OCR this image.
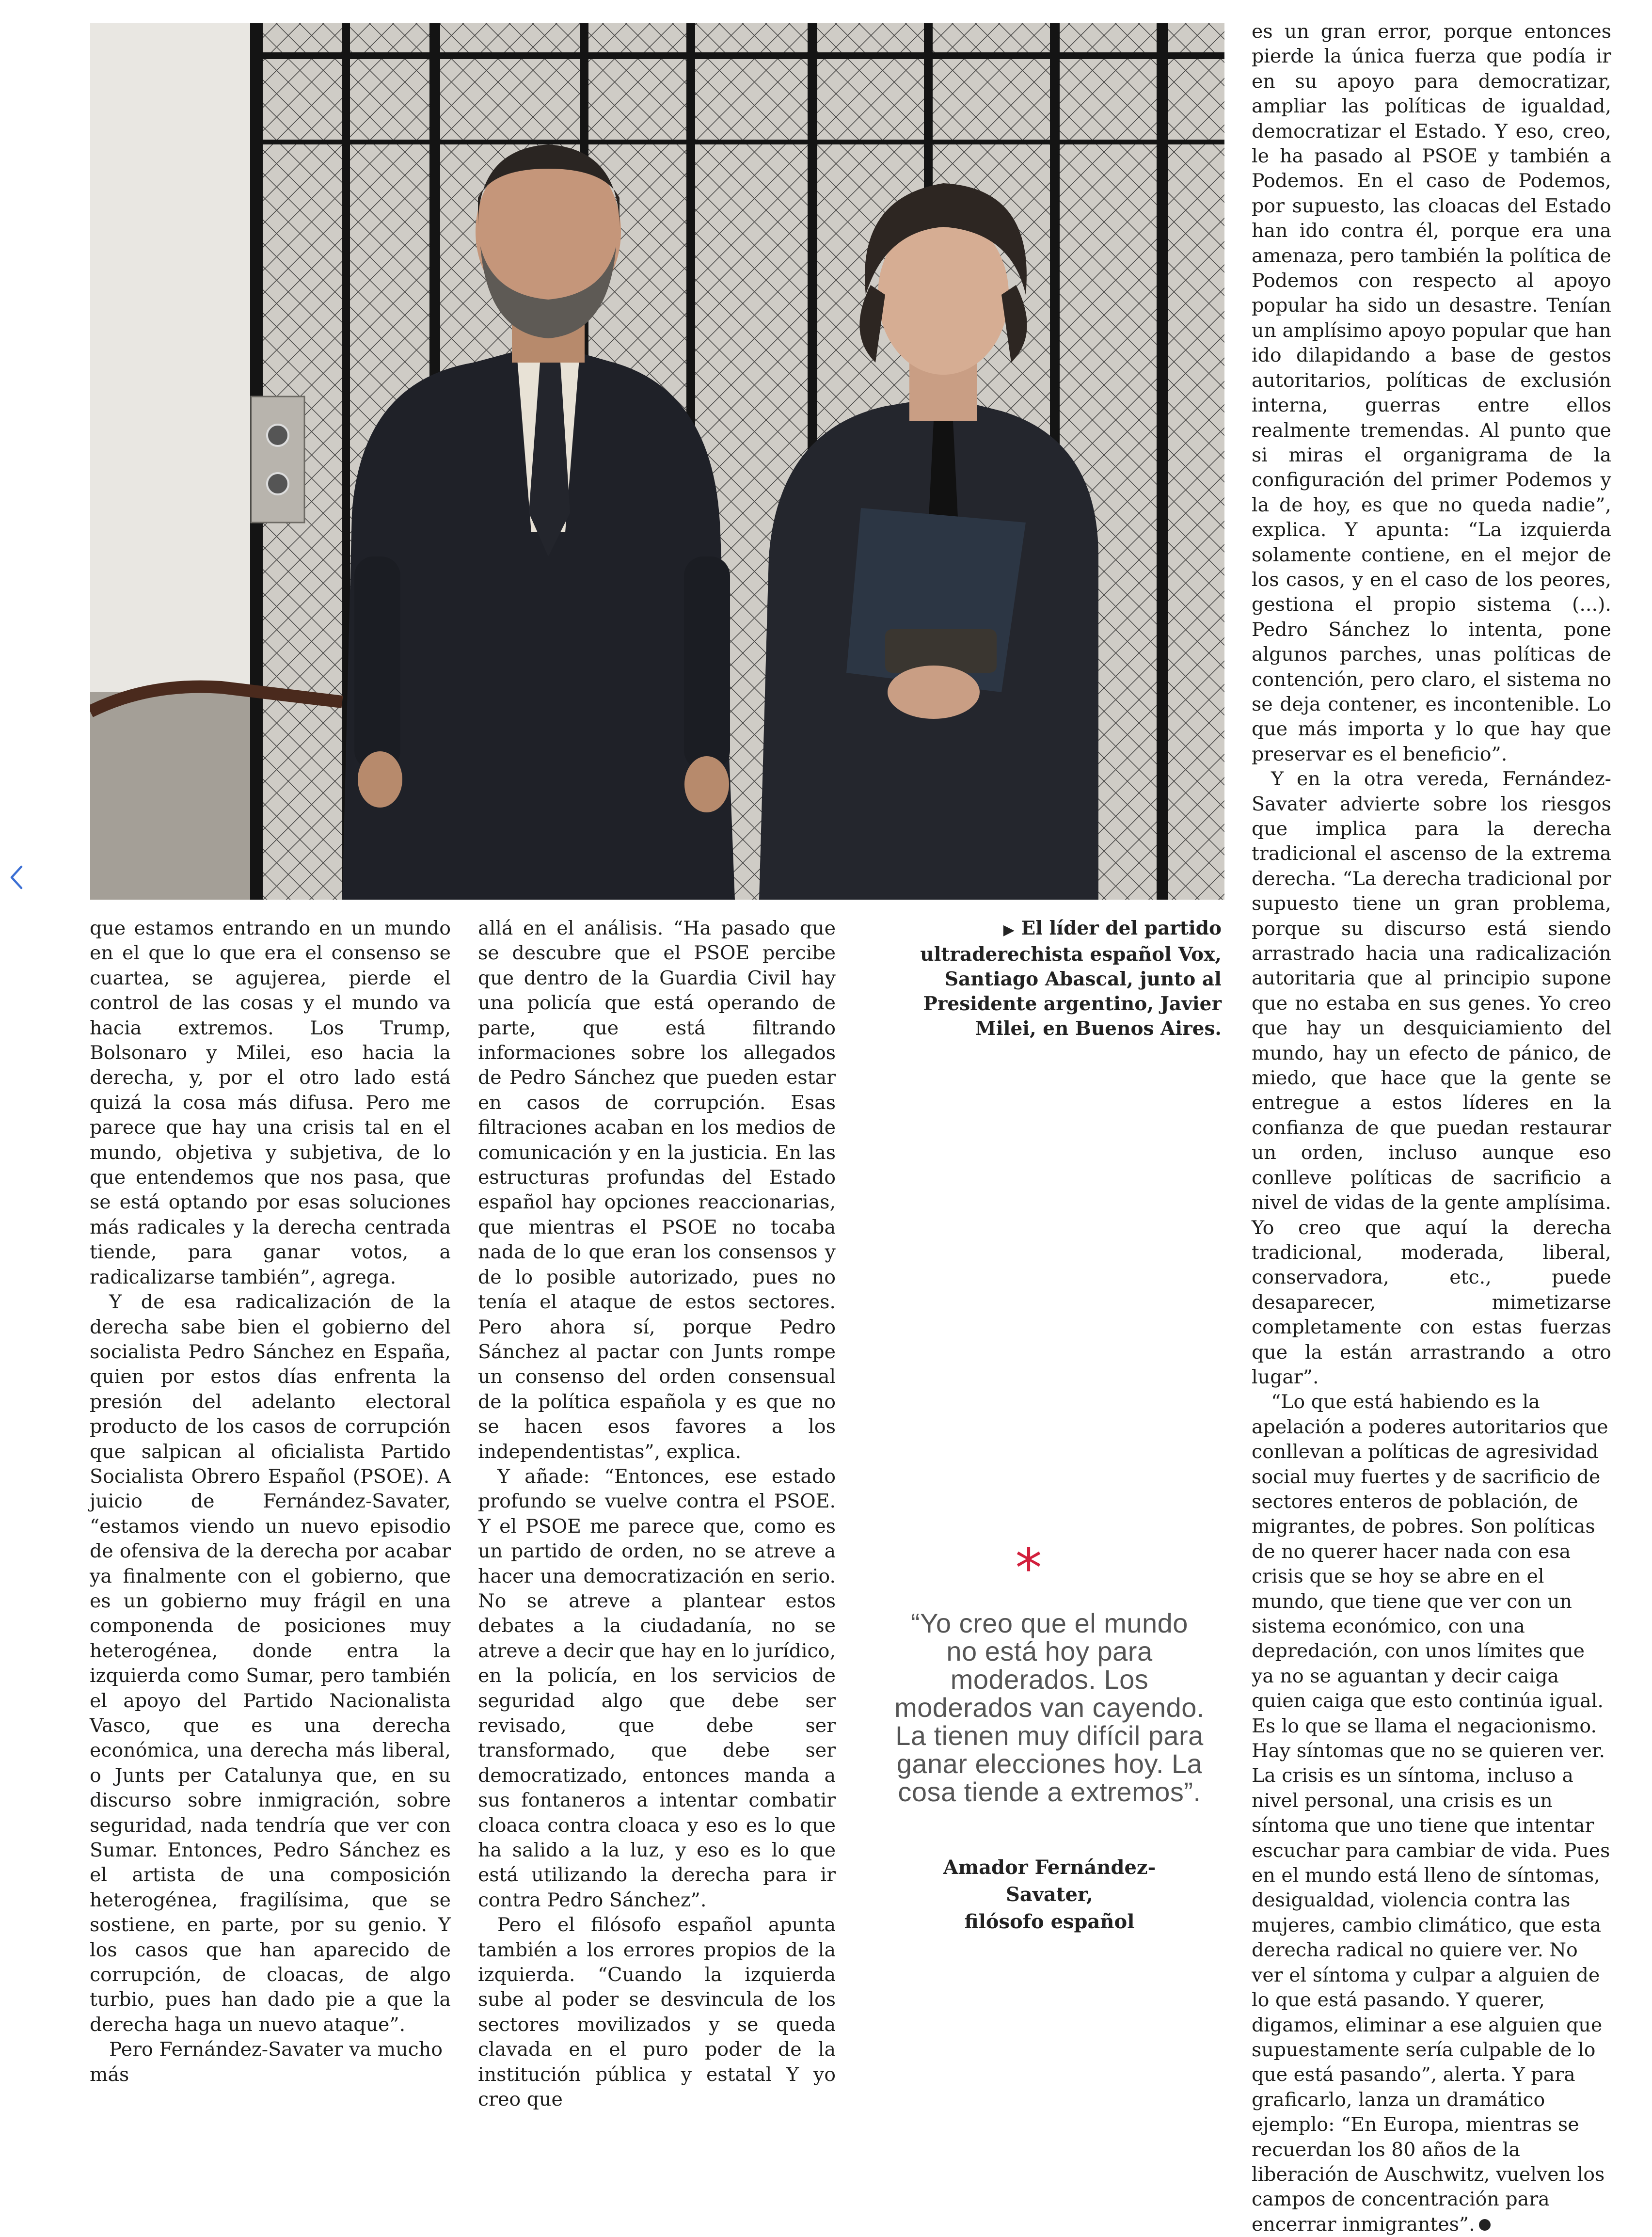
que estamos entrando en un mundo en el que lo que era el consenso se cuartea, se agujerea, pierde el control de las cosas y el mundo va hacia extremos. Los Trump, Bolsonaro y Milei, eso hacia la derecha, y, por el otro lado está quizá la cosa más difusa. Pero me parece que hay una crisis tal en el mundo, objetiva y subjetiva, de lo que entendemos que nos pasa, que se está optando por esas soluciones más radicales y la derecha centrada tiende, para ganar votos, a radicalizarse también”, agrega.

Y de esa radicalización de la derecha sabe bien el gobierno del socialista Pedro Sánchez en España, quien por estos días enfrenta la presión del adelanto electoral producto de los casos de corrupción que salpican al oficialista Partido Socialista Obrero Español (PSOE). A juicio de Fernández-Savater, “estamos viendo un nuevo episodio de ofensiva de la derecha por acabar ya finalmente con el gobierno, que es un gobierno muy frágil en una componenda de posiciones muy heterogénea, donde entra la izquierda como Sumar, pero también el apoyo del Partido Nacionalista Vasco, que es una derecha económica, una derecha más liberal, o Junts per Catalunya que, en su discurso sobre inmigración, sobre seguridad, nada tendría que ver con Sumar. Entonces, Pedro Sánchez es el artista de una composición heterogénea, fragilísima, que se sostiene, en parte, por su genio. Y los casos que han aparecido de corrupción, de cloacas, de algo turbio, pues han dado pie a que la derecha haga un nuevo ataque”.

Pero Fernández-Savater va mucho más

allá en el análisis. “Ha pasado que se descubre que el PSOE percibe que dentro de la Guardia Civil hay una policía que está operando de parte, que está filtrando informaciones sobre los allegados de Pedro Sánchez que pueden estar en casos de corrupción. Esas filtraciones acaban en los medios de comunicación y en la justicia. En las estructuras profundas del Estado español hay opciones reaccionarias, que mientras el PSOE no tocaba nada de lo que eran los consensos y de lo posible autorizado, pues no tenía el ataque de estos sectores. Pero ahora sí, porque Pedro Sánchez al pactar con Junts rompe un consenso del orden consensual de la política española y es que no se hacen esos favores a los independentistas”, explica.

Y añade: “Entonces, ese estado profundo se vuelve contra el PSOE. Y el PSOE me parece que, como es un partido de orden, no se atreve a hacer una democratización en serio. No se atreve a plantear estos debates a la ciudadanía, no se atreve a decir que hay en lo jurídico, en la policía, en los servicios de seguridad algo que debe ser revisado, que debe ser transformado, que debe ser democratizado, entonces manda a sus fontaneros a intentar combatir cloaca contra cloaca y eso es lo que ha salido a la luz, y eso es lo que está utilizando la derecha para ir contra Pedro Sánchez”.

Pero el filósofo español apunta también a los errores propios de la izquierda. “Cuando la izquierda sube al poder se desvincula de los sectores movilizados y se queda clavada en el puro poder de la institución pública y estatal Y yo creo que

▶ El líder del partido ultraderechista español Vox, Santiago Abascal, junto al Presidente argentino, Javier Milei, en Buenos Aires.
*
“Yo creo que el mundo no está hoy para moderados. Los moderados van cayendo. La tienen muy difícil para ganar elecciones hoy. La cosa tiende a extremos”.
Amador Fernández-Savater,
filósofo español

es un gran error, porque entonces pierde la única fuerza que podía ir en su apoyo para democratizar, ampliar las políticas de igualdad, democratizar el Estado. Y eso, creo, le ha pasado al PSOE y también a Podemos. En el caso de Podemos, por supuesto, las cloacas del Estado han ido contra él, porque era una amenaza, pero también la política de Podemos con respecto al apoyo popular ha sido un desastre. Tenían un amplísimo apoyo popular que han ido dilapidando a base de gestos autoritarios, políticas de exclusión interna, guerras entre ellos realmente tremendas. Al punto que si miras el organigrama de la configuración del primer Podemos y la de hoy, es que no queda nadie”, explica. Y apunta: “La izquierda solamente contiene, en el mejor de los casos, y en el caso de los peores, gestiona el propio sistema (...). Pedro Sánchez lo intenta, pone algunos parches, unas políticas de contención, pero claro, el sistema no se deja contener, es incontenible. Lo que más importa y lo que hay que preservar es el beneficio”.

Y en la otra vereda, Fernández-Savater advierte sobre los riesgos que implica para la derecha tradicional el ascenso de la extrema derecha. “La derecha tradicional por supuesto tiene un gran problema, porque su discurso está siendo arrastrado hacia una radicalización autoritaria que al principio supone que no estaba en sus genes. Yo creo que hay un desquiciamiento del mundo, hay un efecto de pánico, de miedo, que hace que la gente se entregue a estos líderes en la confianza de que puedan restaurar un orden, incluso aunque eso conlleve políticas de sacrificio a nivel de vidas de la gente amplísima. Yo creo que aquí la derecha tradicional, moderada, liberal, conservadora, etc., puede desaparecer, mimetizarse completamente con estas fuerzas que la están arrastrando a otro lugar”.

“Lo que está habiendo es la apelación a poderes autoritarios que conllevan a políticas de agresividad social muy fuertes y de sacrificio de sectores enteros de población, de migrantes, de pobres. Son políticas de no querer hacer nada con esa crisis que se hoy se abre en el mundo, que tiene que ver con un sistema económico, con una depredación, con unos límites que ya no se aguantan y decir caiga quien caiga que esto continúa igual. Es lo que se llama el negacionismo. Hay síntomas que no se quieren ver. La crisis es un síntoma, incluso a nivel personal, una crisis es un síntoma que uno tiene que intentar escuchar para cambiar de vida. Pues en el mundo está lleno de síntomas, desigualdad, violencia contra las mujeres, cambio climático, que esta derecha radical no quiere ver. No ver el síntoma y culpar a alguien de lo que está pasando. Y querer, digamos, eliminar a ese alguien que supuestamente sería culpable de lo que está pasando”, alerta. Y para graficarlo, lanza un dramático ejemplo: “En Europa, mientras se recuerdan los 80 años de la liberación de Auschwitz, vuelven los campos de concentración para encerrar inmigrantes”.
